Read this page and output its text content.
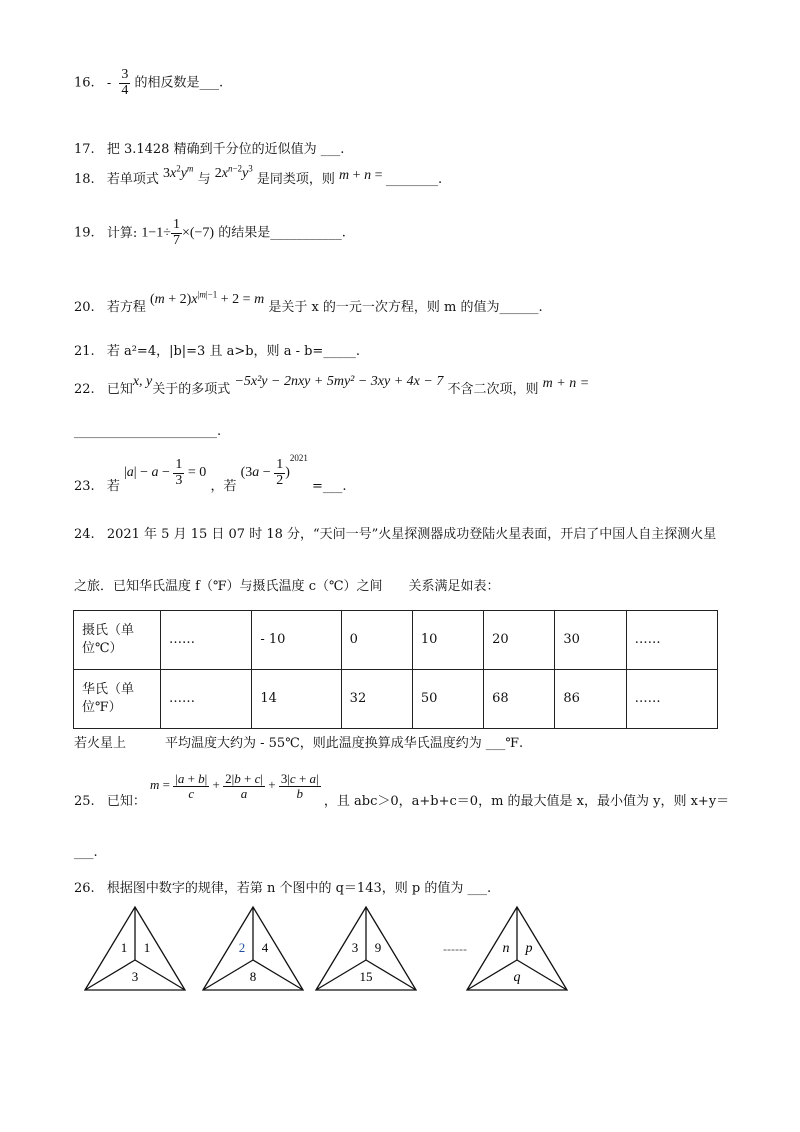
16. - $\frac{3}{4}$ 的相反数是___.
17. 把 3.1428 精确到千分位的近似值为 ___.
18. 若单项式 $3x^2y^m$ 与 $2x^{n-2}y^3$ 是同类项，则 m + n = ________.
19. 计算: $1-1\div \frac{1}{7} \times(-7)$ 的结果是___________.
20. 若方程 $(m + 2)x^{|m|-1} + 2 = m$ 是关于 x 的一元一次方程，则 m 的值为______.
21. 若 a²=4，|b|=3 且 a>b，则 a - b=_____.
22. 已知x, y关于的多项式 −5x²y − 2nxy + 5my² − 3xy + 4x − 7 不含二次项，则 m + n =
______________________.
23. 若 $|a| - a - \frac{1}{3} = 0$ ，若 $(3a - \frac{1}{2} )^{2021}$ =___.
24. 2021 年 5 月 15 日 07 时 18 分，“天问一号”火星探测器成功登陆火星表面，开启了中国人自主探测火星
之旅．已知华氏温度 f（℉）与摄氏温度 c（℃）之间　　关系满足如表：
摄氏（单位℃）	……	- 10	0	10	20	30	……
华氏（单位℉）	……	14	32	50	68	86	……
若火星上　　　平均温度大约为 - 55℃，则此温度换算成华氏温度约为 ___℉.
25. 已知： $m = \frac{|a + b|}{c} + \frac{2|b + c|}{a} + \frac{3|c + a|}{b}$
，且 abc＞0，a+b+c＝0，m 的最大值是 x，最小值为 y，则 x+y＝
___.
26. 根据图中数字的规律，若第 n 个图中的 q＝143，则 p 的值为 ___.
1 1
3
2 4
8
3 9
15
------	n p
q
